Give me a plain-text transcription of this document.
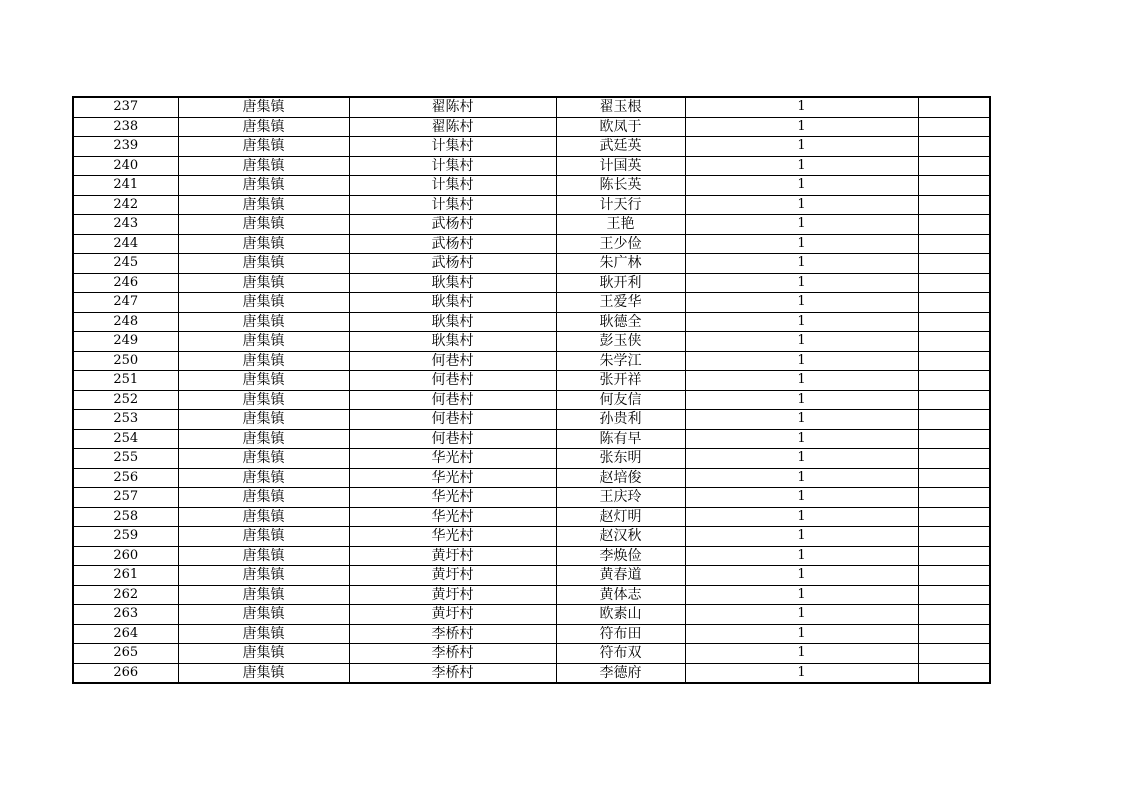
237	唐集镇	翟陈村	翟玉根	1	
238	唐集镇	翟陈村	欧凤于	1	
239	唐集镇	计集村	武廷英	1	
240	唐集镇	计集村	计国英	1	
241	唐集镇	计集村	陈长英	1	
242	唐集镇	计集村	计天行	1	
243	唐集镇	武杨村	王艳	1	
244	唐集镇	武杨村	王少俭	1	
245	唐集镇	武杨村	朱广林	1	
246	唐集镇	耿集村	耿开利	1	
247	唐集镇	耿集村	王爱华	1	
248	唐集镇	耿集村	耿德全	1	
249	唐集镇	耿集村	彭玉侠	1	
250	唐集镇	何巷村	朱学江	1	
251	唐集镇	何巷村	张开祥	1	
252	唐集镇	何巷村	何友信	1	
253	唐集镇	何巷村	孙贵利	1	
254	唐集镇	何巷村	陈有早	1	
255	唐集镇	华光村	张东明	1	
256	唐集镇	华光村	赵培俊	1	
257	唐集镇	华光村	王庆玲	1	
258	唐集镇	华光村	赵灯明	1	
259	唐集镇	华光村	赵汉秋	1	
260	唐集镇	黄圩村	李焕俭	1	
261	唐集镇	黄圩村	黄春道	1	
262	唐集镇	黄圩村	黄体志	1	
263	唐集镇	黄圩村	欧素山	1	
264	唐集镇	李桥村	符布田	1	
265	唐集镇	李桥村	符布双	1	
266	唐集镇	李桥村	李德府	1	
